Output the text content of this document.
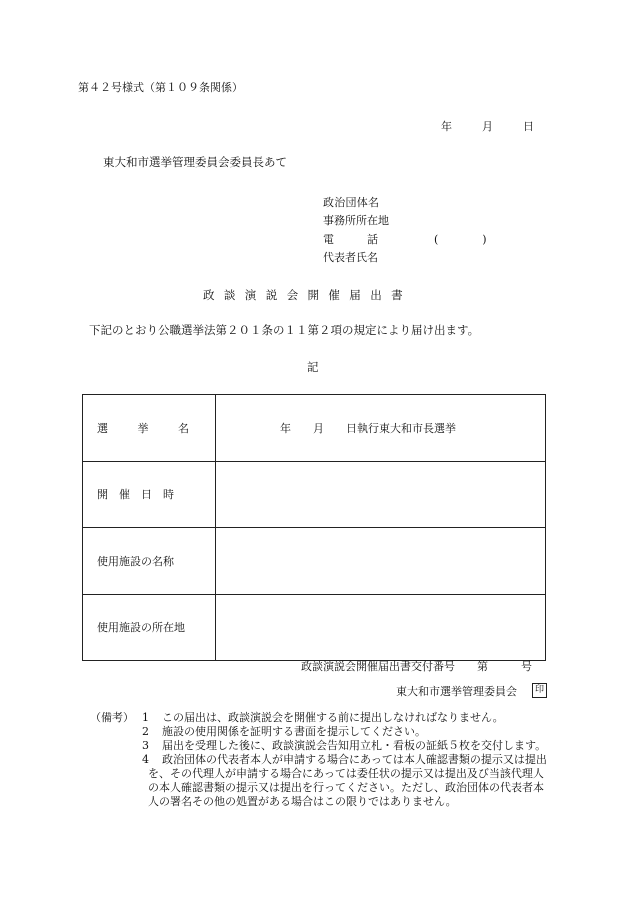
第４２号様式（第１０９条関係）
年	月	日
東大和市選挙管理委員会委員長あて
政 治 団 体 名
事務所所在地
電　　　話	(　　　　)
代表者氏名
政談演説会開催届出書
下記のとおり公職選挙法第２０１条の１１第２項の規定により届け出ます。
記
選 挙 名	年　　月　　日執行東大和市長選挙
開　催　日　時	
使用施設の名称	
使用施設の所在地	
政談演説会開催届出書交付番号　　第　　　号
東大和市選挙管理委員会	印
（備考） 1 この届出は、政談演説会を開催する前に提出しなければなりません。
2 施設の使用関係を証明する書面を提示してください。
3	届出を受理した後に、政談演説会告知用立札・看板の証紙５枚を交付します。
4	政治団体の代表者本人が申請する場合にあっては本人確認書類の提示又は提出を、その代理人が申請する場合にあっては委任状の提示又は提出及び当該代理人の本人確認書類の提示又は提出を行ってください。ただし、政治団体の代表者本人の署名その他の処置がある場合はこの限りではありません。
